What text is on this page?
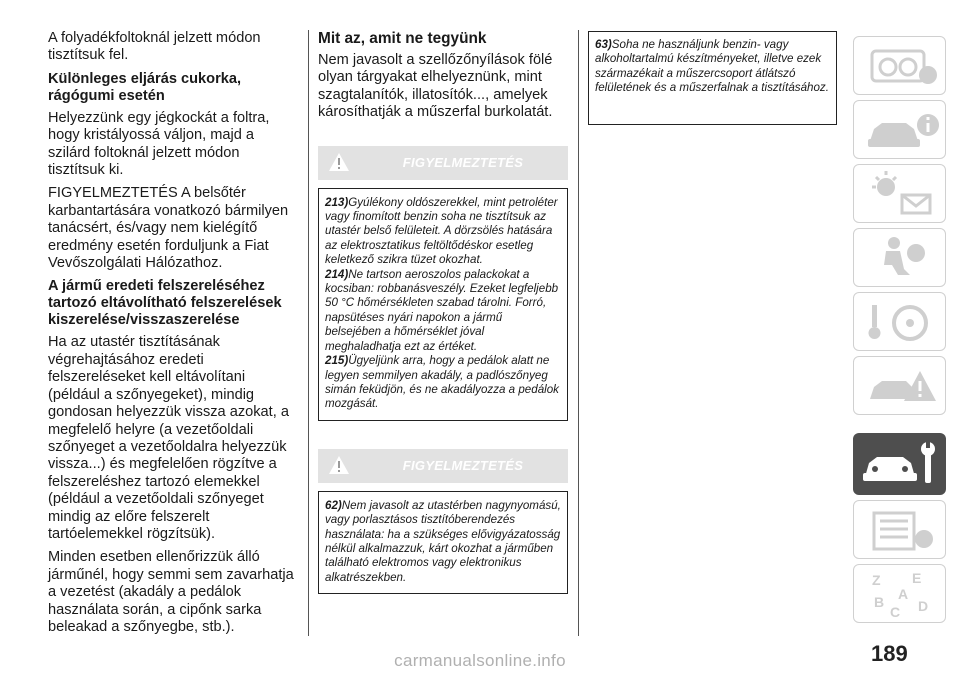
A folyadékfoltoknál jelzett módon tisztítsuk fel.

Különleges eljárás cukorka, rágógumi esetén

Helyezzünk egy jégkockát a foltra, hogy kristályossá váljon, majd a szilárd foltoknál jelzett módon tisztítsuk ki.

FIGYELMEZTETÉS A belsőtér karbantartására vonatkozó bármilyen tanácsért, és/vagy nem kielégítő eredmény esetén forduljunk a Fiat Vevőszolgálati Hálózathoz.

A jármű eredeti felszereléséhez tartozó eltávolítható felszerelések kiszerelése/visszaszerelése

Ha az utastér tisztításának végrehajtásához eredeti felszereléseket kell eltávolítani (például a szőnyegeket), mindig gondosan helyezzük vissza azokat, a megfelelő helyre (a vezetőoldali szőnyeget a vezetőoldalra helyezzük vissza...) és megfelelően rögzítve a felszereléshez tartozó elemekkel (például a vezetőoldali szőnyeget mindig az előre felszerelt tartóelemekkel rögzítsük).

Minden esetben ellenőrizzük álló járműnél, hogy semmi sem zavarhatja a vezetést (akadály a pedálok használata során, a cipőnk sarka beleakad a szőnyegbe, stb.).

Mit az, amit ne tegyünk

Nem javasolt a szellőzőnyílások fölé olyan tárgyakat elhelyeznünk, mint szagtalanítók, illatosítók..., amelyek károsíthatják a műszerfal burkolatát.

FIGYELMEZTETÉS

213)Gyúlékony oldószerekkel, mint petroléter vagy finomított benzin soha ne tisztítsuk az utastér belső felületeit. A dörzsölés hatására az elektrosztatikus feltöltődéskor esetleg keletkező szikra tüzet okozhat.

214)Ne tartson aeroszolos palackokat a kocsiban: robbanásveszély. Ezeket legfeljebb 50 °C hőmérsékleten szabad tárolni. Forró, napsütéses nyári napokon a jármű belsejében a hőmérséklet jóval meghaladhatja ezt az értéket.

215)Ügyeljünk arra, hogy a pedálok alatt ne legyen semmilyen akadály, a padlószőnyeg simán feküdjön, és ne akadályozza a pedálok mozgását.

FIGYELMEZTETÉS

62)Nem javasolt az utastérben nagynyomású, vagy porlasztásos tisztítóberendezés használata: ha a szükséges elővigyázatosság nélkül alkalmazzuk, kárt okozhat a járműben található elektromos vagy elektronikus alkatrészekben.

63)Soha ne használjunk benzin- vagy alkoholtartalmú készítményeket, illetve ezek származékait a műszercsoport átlátszó felületének és a műszerfalnak a tisztításához.

Z E
B A
C D
189
carmanualsonline.info
